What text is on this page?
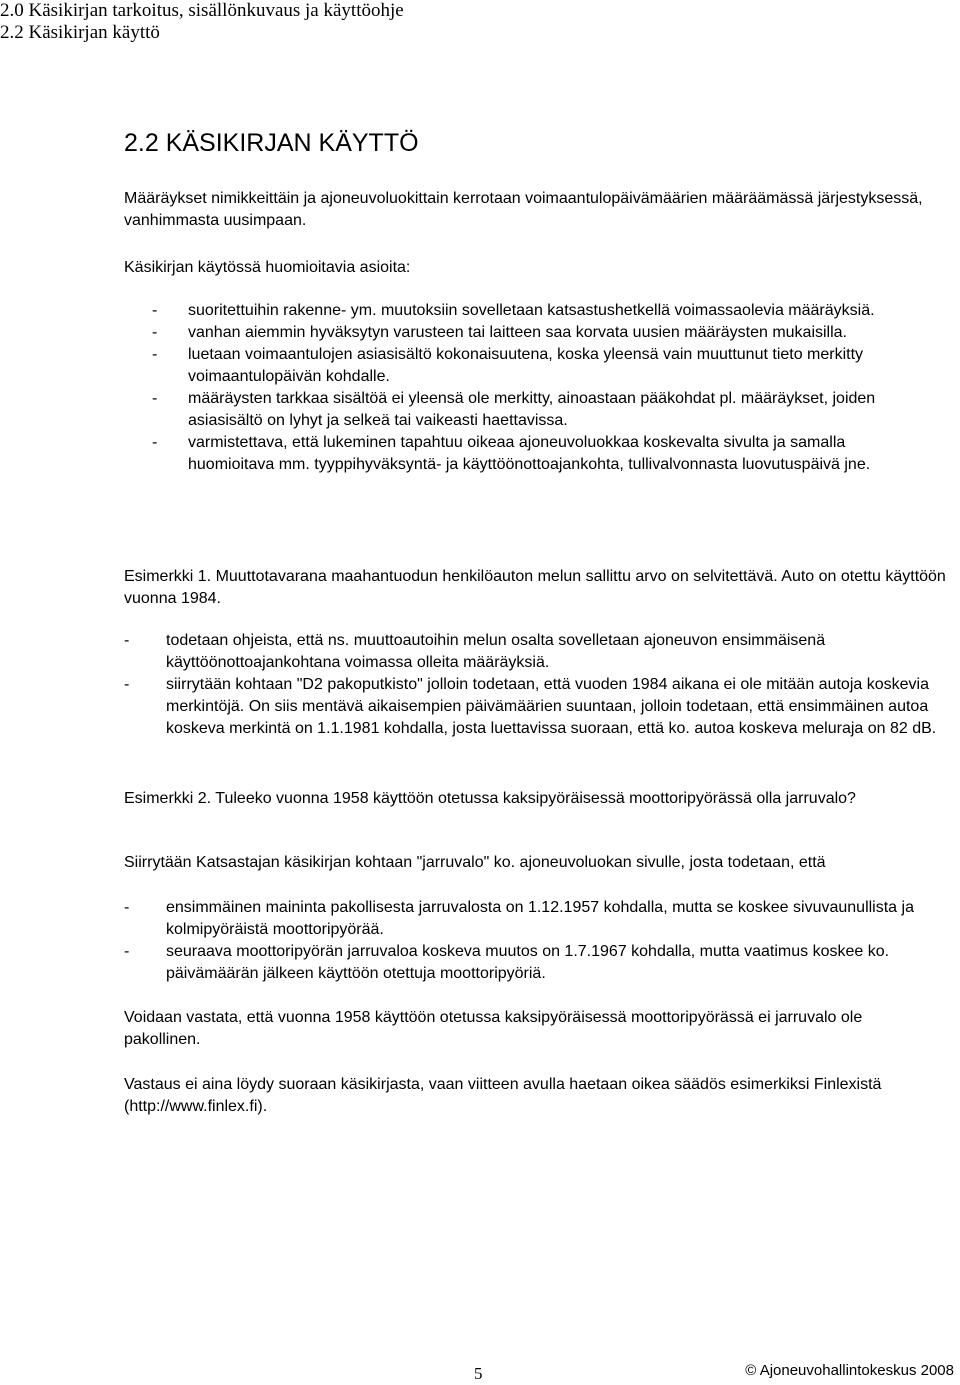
2.0 Käsikirjan tarkoitus, sisällönkuvaus ja käyttöohje
2.2 Käsikirjan käyttö
2.2 KÄSIKIRJAN KÄYTTÖ

Määräykset nimikkeittäin ja ajoneuvoluokittain kerrotaan voimaantulopäivämäärien määräämässä järjestyksessä, vanhimmasta uusimpaan.

Käsikirjan käytössä huomioitavia asioita:

- suoritettuihin rakenne- ym. muutoksiin sovelletaan katsastushetkellä voimassaolevia määräyksiä.
- vanhan aiemmin hyväksytyn varusteen tai laitteen saa korvata uusien määräysten mukaisilla.
- luetaan voimaantulojen asiasisältö kokonaisuutena, koska yleensä vain muuttunut tieto merkitty voimaantulopäivän kohdalle.
- määräysten tarkkaa sisältöä ei yleensä ole merkitty, ainoastaan pääkohdat pl. määräykset, joiden asiasisältö on lyhyt ja selkeä tai vaikeasti haettavissa.
- varmistettava, että lukeminen tapahtuu oikeaa ajoneuvoluokkaa koskevalta sivulta ja samalla huomioitava mm. tyyppihyväksyntä- ja käyttöönottoajankohta, tullivalvonnasta luovutuspäivä jne.

Esimerkki 1. Muuttotavarana maahantuodun henkilöauton melun sallittu arvo on selvitettävä. Auto on otettu käyttöön vuonna 1984.

- todetaan ohjeista, että ns. muuttoautoihin melun osalta sovelletaan ajoneuvon ensimmäisenä käyttöönottoajankohtana voimassa olleita määräyksiä.
- siirrytään kohtaan "D2 pakoputkisto" jolloin todetaan, että vuoden 1984 aikana ei ole mitään autoja koskevia merkintöjä. On siis mentävä aikaisempien päivämäärien suuntaan, jolloin todetaan, että ensimmäinen autoa koskeva merkintä on 1.1.1981 kohdalla, josta luettavissa suoraan, että ko. autoa koskeva meluraja on 82 dB.

Esimerkki 2. Tuleeko vuonna 1958 käyttöön otetussa kaksipyöräisessä moottoripyörässä olla jarruvalo?

Siirrytään Katsastajan käsikirjan kohtaan "jarruvalo" ko. ajoneuvoluokan sivulle, josta todetaan, että

- ensimmäinen maininta pakollisesta jarruvalosta on 1.12.1957 kohdalla, mutta se koskee sivuvaunullista ja kolmipyöräistä moottoripyörää.
- seuraava moottoripyörän jarruvaloa koskeva muutos on 1.7.1967 kohdalla, mutta vaatimus koskee ko. päivämäärän jälkeen käyttöön otettuja moottoripyöriä.

Voidaan vastata, että vuonna 1958 käyttöön otetussa kaksipyöräisessä moottoripyörässä ei jarruvalo ole pakollinen.

Vastaus ei aina löydy suoraan käsikirjasta, vaan viitteen avulla haetaan oikea säädös esimerkiksi Finlexistä (http://www.finlex.fi).

5	© Ajoneuvohallintokeskus 2008
